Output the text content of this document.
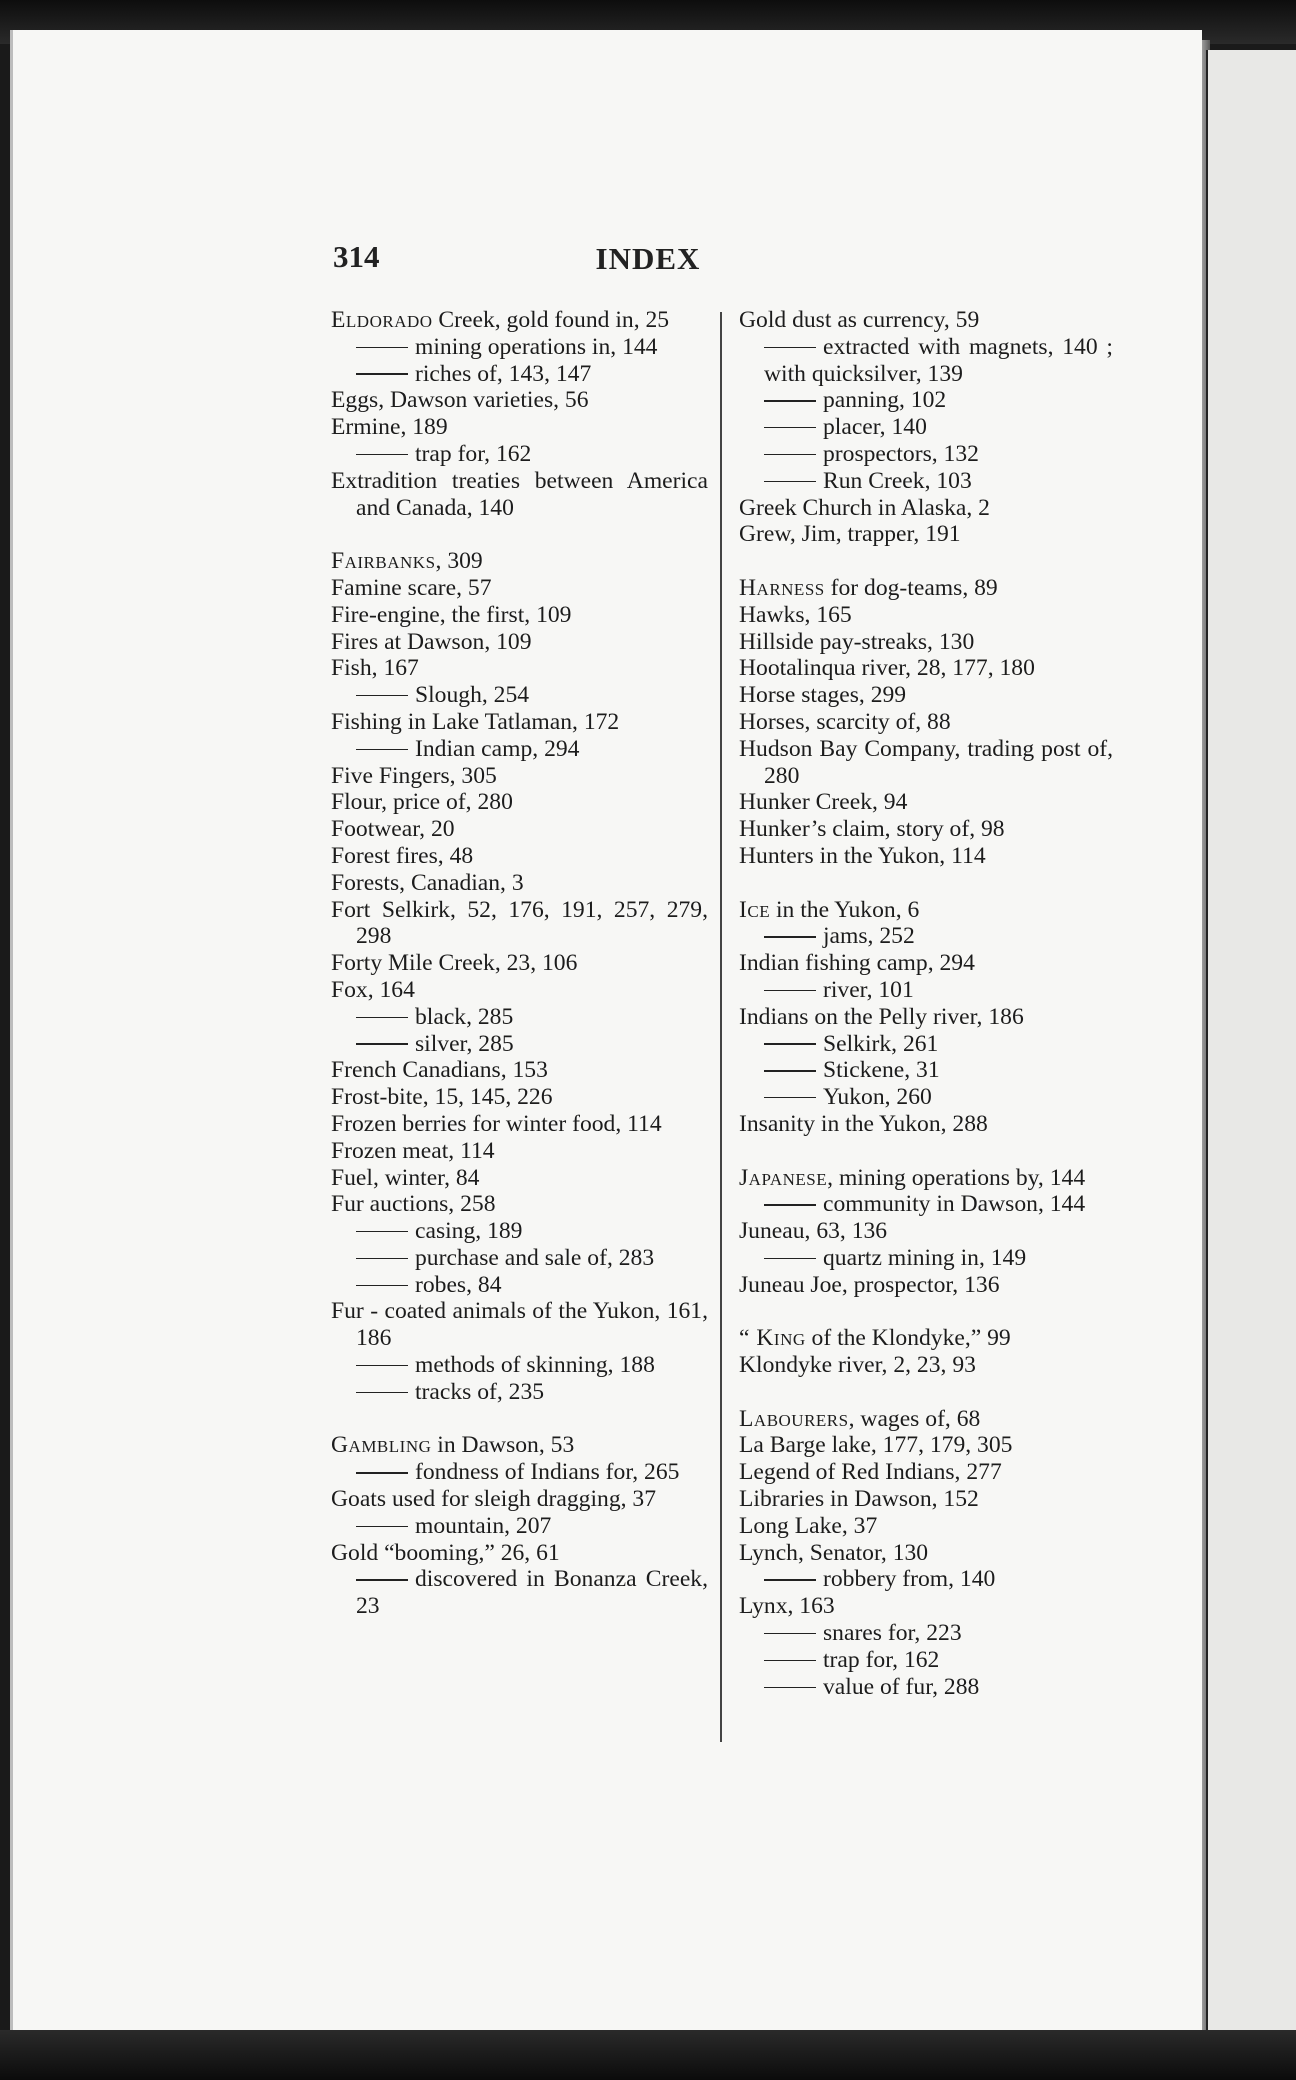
314	INDEX
Eldorado Creek, gold found in, 25
mining operations in, 144
riches of, 143, 147
Eggs, Dawson varieties, 56
Ermine, 189
trap for, 162
Extradition treaties between America and Canada, 140
Fairbanks, 309
Famine scare, 57
Fire-engine, the first, 109
Fires at Dawson, 109
Fish, 167
Slough, 254
Fishing in Lake Tatlaman, 172
Indian camp, 294
Five Fingers, 305
Flour, price of, 280
Footwear, 20
Forest fires, 48
Forests, Canadian, 3
Fort Selkirk, 52, 176, 191, 257, 279, 298
Forty Mile Creek, 23, 106
Fox, 164
black, 285
silver, 285
French Canadians, 153
Frost-bite, 15, 145, 226
Frozen berries for winter food, 114
Frozen meat, 114
Fuel, winter, 84
Fur auctions, 258
casing, 189
purchase and sale of, 283
robes, 84
Fur - coated animals of the Yukon, 161, 186
methods of skinning, 188
tracks of, 235
Gambling in Dawson, 53
fondness of Indians for, 265
Goats used for sleigh dragging, 37
mountain, 207
Gold “booming,” 26, 61
discovered in Bonanza Creek, 23
Gold dust as currency, 59
extracted with magnets, 140 ; with quicksilver, 139
panning, 102
placer, 140
prospectors, 132
Run Creek, 103
Greek Church in Alaska, 2
Grew, Jim, trapper, 191
Harness for dog-teams, 89
Hawks, 165
Hillside pay-streaks, 130
Hootalinqua river, 28, 177, 180
Horse stages, 299
Horses, scarcity of, 88
Hudson Bay Company, trading post of, 280
Hunker Creek, 94
Hunker’s claim, story of, 98
Hunters in the Yukon, 114
Ice in the Yukon, 6
jams, 252
Indian fishing camp, 294
river, 101
Indians on the Pelly river, 186
Selkirk, 261
Stickene, 31
Yukon, 260
Insanity in the Yukon, 288
Japanese, mining operations by, 144
community in Dawson, 144
Juneau, 63, 136
quartz mining in, 149
Juneau Joe, prospector, 136
“ King of the Klondyke,” 99
Klondyke river, 2, 23, 93
Labourers, wages of, 68
La Barge lake, 177, 179, 305
Legend of Red Indians, 277
Libraries in Dawson, 152
Long Lake, 37
Lynch, Senator, 130
robbery from, 140
Lynx, 163
snares for, 223
trap for, 162
value of fur, 288
